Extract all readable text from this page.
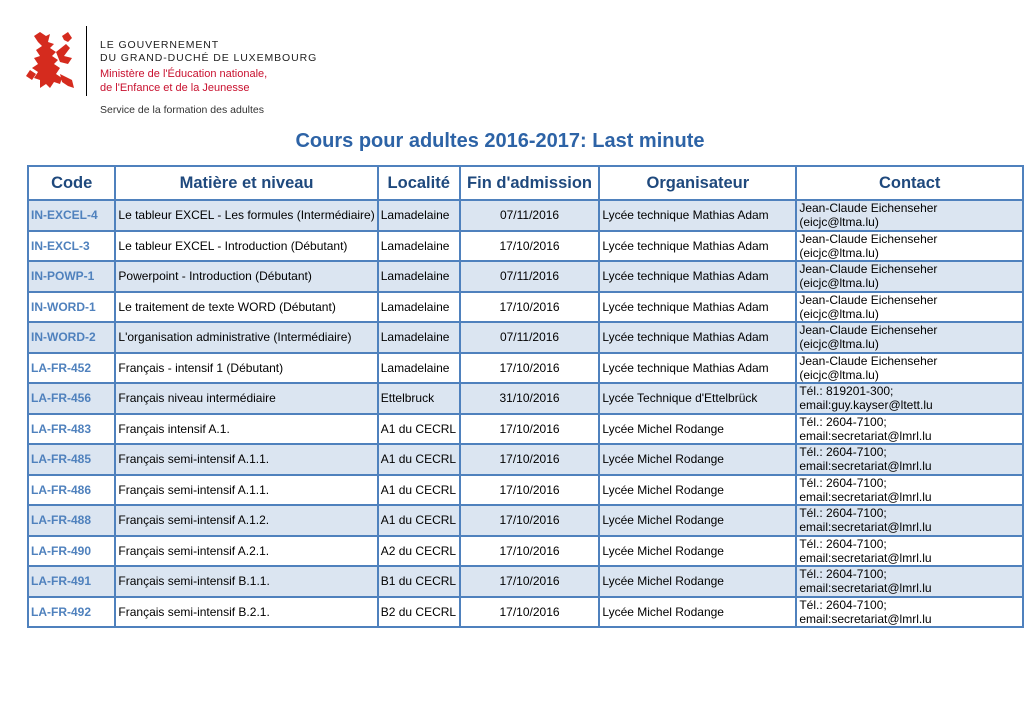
LE GOUVERNEMENT
DU GRAND-DUCHÉ DE LUXEMBOURG
Ministère de l'Éducation nationale,
de l'Enfance et de la Jeunesse
Service de la formation des adultes
Cours pour adultes 2016-2017: Last minute
Code	Matière et niveau	Localité	Fin d'admission	Organisateur	Contact
IN-EXCEL-4	Le tableur EXCEL - Les formules (Intermédiaire)	Lamadelaine	07/11/2016	Lycée technique Mathias Adam	Jean-Claude Eichenseher
(eicjc@ltma.lu)

IN-EXCL-3	Le tableur EXCEL - Introduction (Débutant)	Lamadelaine	17/10/2016	Lycée technique Mathias Adam	Jean-Claude Eichenseher
(eicjc@ltma.lu)

IN-POWP-1	Powerpoint - Introduction (Débutant)	Lamadelaine	07/11/2016	Lycée technique Mathias Adam	Jean-Claude Eichenseher
(eicjc@ltma.lu)

IN-WORD-1	Le traitement de texte WORD (Débutant)	Lamadelaine	17/10/2016	Lycée technique Mathias Adam	Jean-Claude Eichenseher
(eicjc@ltma.lu)

IN-WORD-2	L'organisation administrative (Intermédiaire)	Lamadelaine	07/11/2016	Lycée technique Mathias Adam	Jean-Claude Eichenseher
(eicjc@ltma.lu)

LA-FR-452	Français - intensif 1 (Débutant)	Lamadelaine	17/10/2016	Lycée technique Mathias Adam	Jean-Claude Eichenseher
(eicjc@ltma.lu)

LA-FR-456	Français niveau intermédiaire	Ettelbruck	31/10/2016	Lycée Technique d'Ettelbrück	Tél.: 819201-300;
email:guy.kayser@ltett.lu

LA-FR-483	Français intensif A.1.	A1 du CECRL	17/10/2016	Lycée Michel Rodange	Tél.: 2604-7100;
email:secretariat@lmrl.lu

LA-FR-485	Français semi-intensif A.1.1.	A1 du CECRL	17/10/2016	Lycée Michel Rodange	Tél.: 2604-7100;
email:secretariat@lmrl.lu

LA-FR-486	Français semi-intensif A.1.1.	A1 du CECRL	17/10/2016	Lycée Michel Rodange	Tél.: 2604-7100;
email:secretariat@lmrl.lu

LA-FR-488	Français semi-intensif A.1.2.	A1 du CECRL	17/10/2016	Lycée Michel Rodange	Tél.: 2604-7100;
email:secretariat@lmrl.lu

LA-FR-490	Français semi-intensif A.2.1.	A2 du CECRL	17/10/2016	Lycée Michel Rodange	Tél.: 2604-7100;
email:secretariat@lmrl.lu

LA-FR-491	Français semi-intensif B.1.1.	B1 du CECRL	17/10/2016	Lycée Michel Rodange	Tél.: 2604-7100;
email:secretariat@lmrl.lu

LA-FR-492	Français semi-intensif B.2.1.	B2 du CECRL	17/10/2016	Lycée Michel Rodange	Tél.: 2604-7100;
email:secretariat@lmrl.lu
